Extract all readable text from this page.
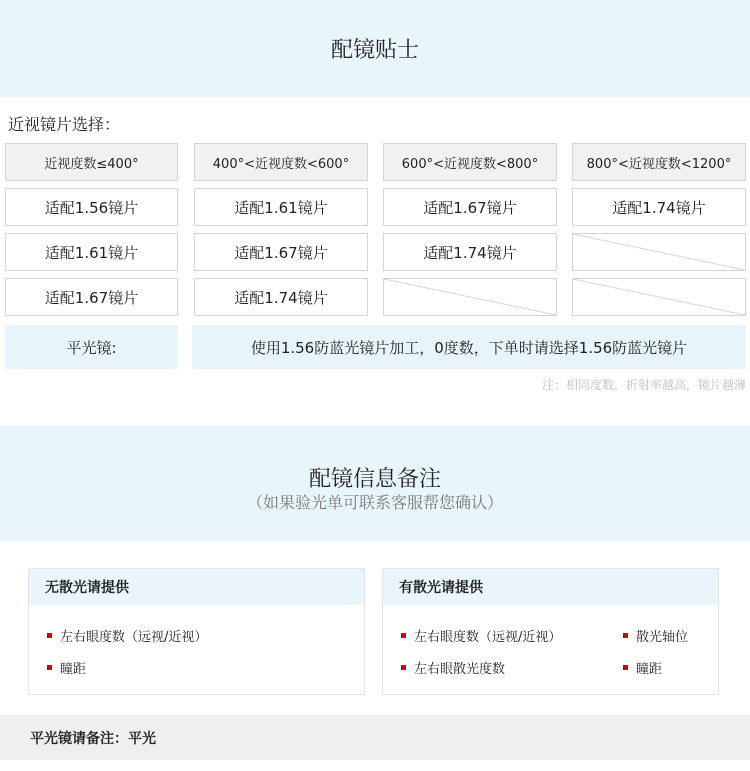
配镜贴士
近视镜片选择：
近视度数≤400°	400°<近视度数<600°	600°<近视度数<800°	800°<近视度数<1200°
适配1.56镜片	适配1.61镜片	适配1.67镜片	适配1.74镜片
适配1.61镜片	适配1.67镜片	适配1.74镜片
适配1.67镜片	适配1.74镜片
平光镜:	使用1.56防蓝光镜片加工，0度数，下单时请选择1.56防蓝光镜片
注：相同度数，折射率越高，镜片越薄
配镜信息备注
（如果验光单可联系客服帮您确认）
无散光请提供
左右眼度数（远视/近视）
瞳距
有散光请提供
左右眼度数（远视/近视）
左右眼散光度数
散光轴位
瞳距
平光镜请备注：平光
